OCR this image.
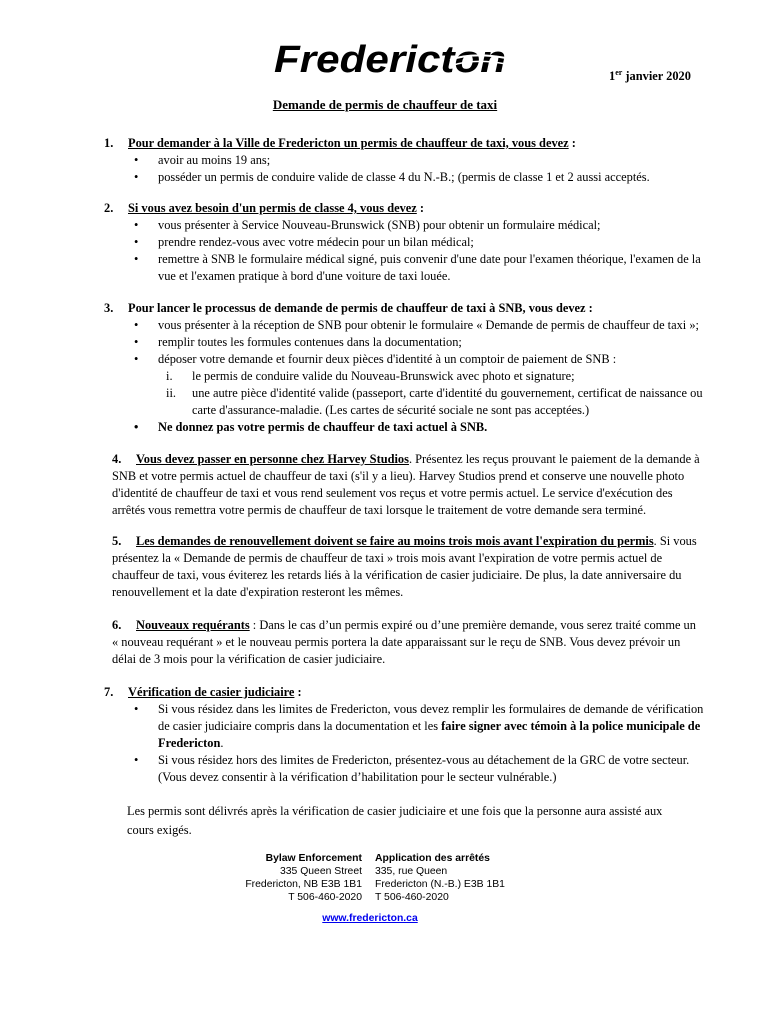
Fredericton	1er janvier 2020
Demande de permis de chauffeur de taxi
1. Pour demander à la Ville de Fredericton un permis de chauffeur de taxi, vous devez :
• avoir au moins 19 ans;
• posséder un permis de conduire valide de classe 4 du N.-B.; (permis de classe 1 et 2 aussi acceptés.
2. Si vous avez besoin d'un permis de classe 4, vous devez :
• vous présenter à Service Nouveau-Brunswick (SNB) pour obtenir un formulaire médical;
• prendre rendez-vous avec votre médecin pour un bilan médical;
• remettre à SNB le formulaire médical signé, puis convenir d'une date pour l'examen théorique, l'examen de la vue et l'examen pratique à bord d'une voiture de taxi louée.
3. Pour lancer le processus de demande de permis de chauffeur de taxi à SNB, vous devez :
• vous présenter à la réception de SNB pour obtenir le formulaire « Demande de permis de chauffeur de taxi »;
• remplir toutes les formules contenues dans la documentation;
• déposer votre demande et fournir deux pièces d'identité à un comptoir de paiement de SNB :
i. le permis de conduire valide du Nouveau-Brunswick avec photo et signature;
ii. une autre pièce d'identité valide (passeport, carte d'identité du gouvernement, certificat de naissance ou carte d'assurance-maladie. (Les cartes de sécurité sociale ne sont pas acceptées.)
• Ne donnez pas votre permis de chauffeur de taxi actuel à SNB.
4. Vous devez passer en personne chez Harvey Studios. Présentez les reçus prouvant le paiement de la demande à SNB et votre permis actuel de chauffeur de taxi (s'il y a lieu). Harvey Studios prend et conserve une nouvelle photo d'identité de chauffeur de taxi et vous rend seulement vos reçus et votre permis actuel. Le service d'exécution des arrêtés vous remettra votre permis de chauffeur de taxi lorsque le traitement de votre demande sera terminé.
5. Les demandes de renouvellement doivent se faire au moins trois mois avant l'expiration du permis. Si vous présentez la « Demande de permis de chauffeur de taxi » trois mois avant l'expiration de votre permis actuel de chauffeur de taxi, vous éviterez les retards liés à la vérification de casier judiciaire. De plus, la date anniversaire du renouvellement et la date d'expiration resteront les mêmes.
6. Nouveaux requérants : Dans le cas d’un permis expiré ou d’une première demande, vous serez traité comme un « nouveau requérant » et le nouveau permis portera la date apparaissant sur le reçu de SNB. Vous devez prévoir un délai de 3 mois pour la vérification de casier judiciaire.
7. Vérification de casier judiciaire :
• Si vous résidez dans les limites de Fredericton, vous devez remplir les formulaires de demande de vérification de casier judiciaire compris dans la documentation et les faire signer avec témoin à la police municipale de Fredericton.
• Si vous résidez hors des limites de Fredericton, présentez-vous au détachement de la GRC de votre secteur. (Vous devez consentir à la vérification d’habilitation pour le secteur vulnérable.)
Les permis sont délivrés après la vérification de casier judiciaire et une fois que la personne aura assisté aux cours exigés.
Bylaw Enforcement
335 Queen Street
Fredericton, NB E3B 1B1
T 506-460-2020
Application des arrêtés
335, rue Queen
Fredericton (N.-B.) E3B 1B1
T 506-460-2020
www.fredericton.ca
